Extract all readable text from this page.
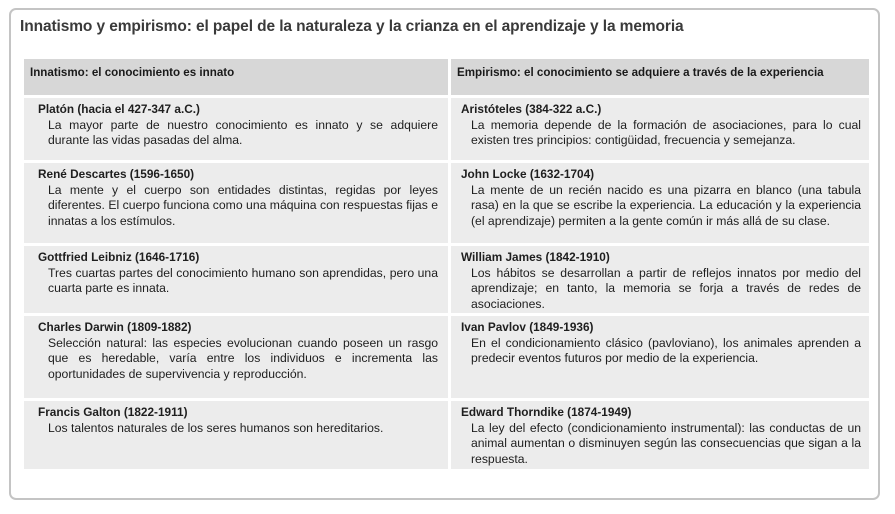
Innatismo y empirismo: el papel de la naturaleza y la crianza en el aprendizaje y la memoria
Innatismo: el conocimiento es innato	Empirismo: el conocimiento se adquiere a través de la experiencia
Platón (hacia el 427-347 a.C.)
La mayor parte de nuestro conocimiento es innato y se adquiere durante las vidas pasadas del alma.
Aristóteles (384-322 a.C.)
La memoria depende de la formación de asociaciones, para lo cual existen tres principios: contigüidad, frecuencia y semejanza.
René Descartes (1596-1650)
La mente y el cuerpo son entidades distintas, regidas por leyes diferentes. El cuerpo funciona como una máquina con respuestas fijas e innatas a los estímulos.
John Locke (1632-1704)
La mente de un recién nacido es una pizarra en blanco (una tabula rasa) en la que se escribe la experiencia. La educación y la experiencia (el aprendizaje) permiten a la gente común ir más allá de su clase.
Gottfried Leibniz (1646-1716)
Tres cuartas partes del conocimiento humano son aprendidas, pero una cuarta parte es innata.
William James (1842-1910)
Los hábitos se desarrollan a partir de reflejos innatos por medio del aprendizaje; en tanto, la memoria se forja a través de redes de asociaciones.
Charles Darwin (1809-1882)
Selección natural: las especies evolucionan cuando poseen un rasgo que es heredable, varía entre los individuos e incrementa las oportunidades de supervivencia y reproducción.
Ivan Pavlov (1849-1936)
En el condicionamiento clásico (pavloviano), los animales aprenden a predecir eventos futuros por medio de la experiencia.
Francis Galton (1822-1911)
Los talentos naturales de los seres humanos son hereditarios.
Edward Thorndike (1874-1949)
La ley del efecto (condicionamiento instrumental): las conductas de un animal aumentan o disminuyen según las consecuencias que sigan a la respuesta.
